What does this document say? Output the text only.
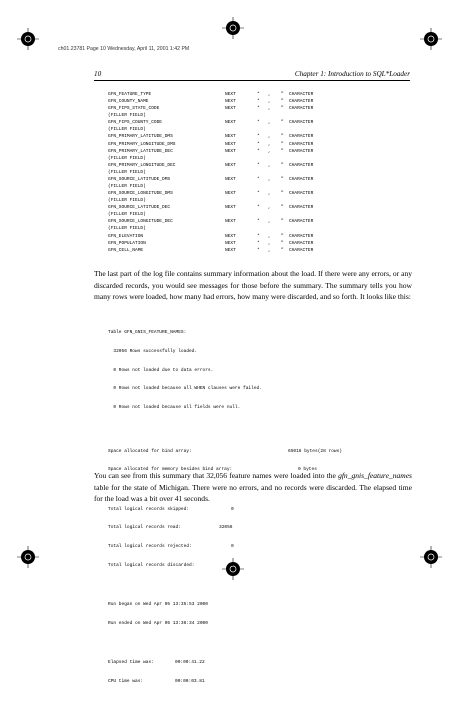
ch01.23781 Page 10 Wednesday, April 11, 2001 1:42 PM
10	Chapter 1: Introduction to SQL*Loader
GFN_FEATURE_TYPE	NEXT	* , " CHARACTER
GFN_COUNTY_NAME	NEXT	* , " CHARACTER
GFN_FIPS_STATE_CODE	NEXT	* , " CHARACTER
(FILLER FIELD)
GFN_FIPS_COUNTY_CODE	NEXT	* , " CHARACTER
(FILLER FIELD)
GFN_PRIMARY_LATITUDE_DMS	NEXT	* , " CHARACTER
GFN_PRIMARY_LONGITUDE_DMS	NEXT	* , " CHARACTER
GFN_PRIMARY_LATITUDE_DEC	NEXT	* , " CHARACTER
(FILLER FIELD)
GFN_PRIMARY_LONGITUDE_DEC	NEXT	* , " CHARACTER
(FILLER FIELD)
GFN_SOURCE_LATITUDE_DMS	NEXT	* , " CHARACTER
(FILLER FIELD)
GFN_SOURCE_LONGITUDE_DMS	NEXT	* , " CHARACTER
(FILLER FIELD)
GFN_SOURCE_LATITUDE_DEC	NEXT	* , " CHARACTER
(FILLER FIELD)
GFN_SOURCE_LONGITUDE_DEC	NEXT	* , " CHARACTER
(FILLER FIELD)
GFN_ELEVATION	NEXT	* , " CHARACTER
GFN_POPULATION	NEXT	* , " CHARACTER
GFN_CELL_NAME	NEXT	* , " CHARACTER

The last part of the log file contains summary information about the load. If there were any errors, or any discarded records, you would see messages for those before the summary. The summary tells you how many rows were loaded, how many had errors, how many were discarded, and so forth. It looks like this:

Table GFN_GNIS_FEATURE_NAMES:

32056 Rows successfully loaded.

0 Rows not loaded due to data errors.

0 Rows not loaded because all WHEN clauses were failed.

0 Rows not loaded because all fields were null.

Space allocated for bind array:

	65016 bytes(28 rows)

Space allocated for memory besides bind array:

	0 bytes

Total logical records skipped:

	0

Total logical records read:

	32056

Total logical records rejected:

	0

Total logical records discarded:

	0

Run began on Wed Apr 05 13:35:53 2000

Run ended on Wed Apr 05 13:36:34 2000

Elapsed time was:

	00:00:41.22

CPU time was:

	00:00:03.81

You can see from this summary that 32,056 feature names were loaded into the gfn_gnis_feature_names table for the state of Michigan. There were no errors, and no records were discarded. The elapsed time for the load was a bit over 41 seconds.
